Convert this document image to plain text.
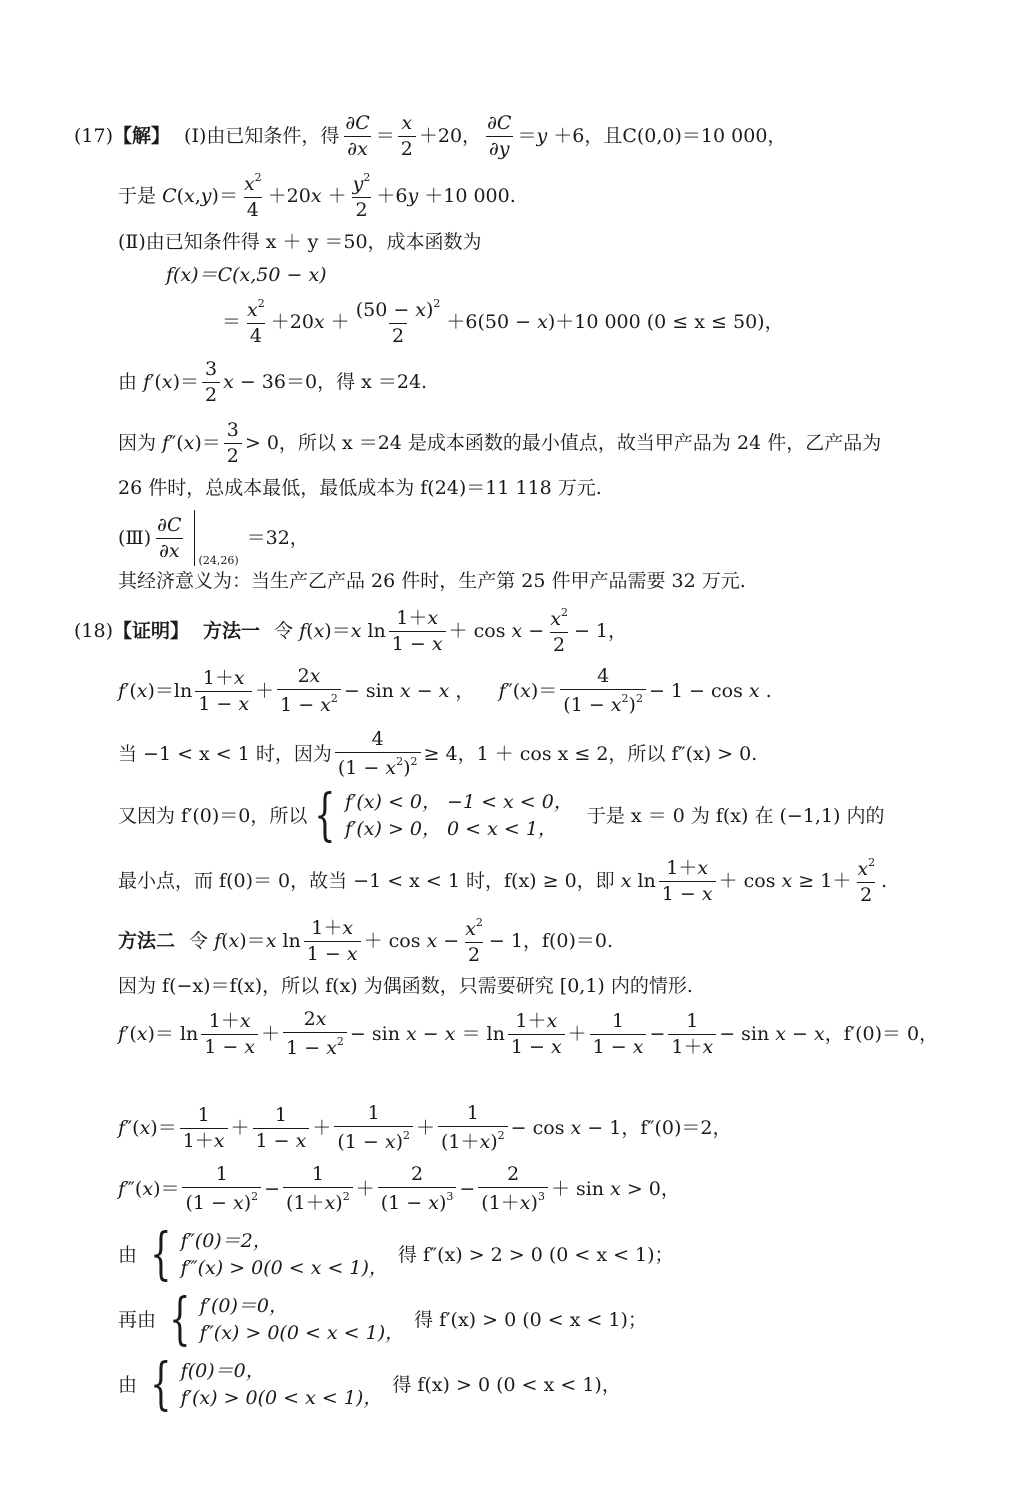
(17) 【解】 (Ⅰ) 由已知条件，得 $\frac{\partial C}{\partial x} = \frac{x}{2} +20$， $\frac{\partial C}{\partial y} =y +6$， 且 C(0,0)＝10 000，
于是 $C(x,y)= \frac{x^2}{4} +20x + \frac{y^2}{2} +6y +10$ 000.
(Ⅱ) 由已知条件得 x ＋ y ＝50，成本函数为
f(x)＝C(x,50 − x)
＝ $\frac{x^2}{4} +20x + \frac{(50 - x)^2}{2} +6(50 - x)+10$ 000 (0 ≤ x ≤ 50)，
由 $f'(x)= \frac{3}{2}$ x − 36＝0 ，得 x ＝24.
因为 $f''(x)= \frac{3}{2} > 0$ ，所以 x ＝24 是成本函数的最小值点，故当甲产品为 24 件，乙产品为
26 件时，总成本最低，最低成本为 f(24)＝11 118 万元.
(Ⅲ) $\frac{\partial C}{\partial x} (24,26)$
＝32，
其经济意义为：当生产乙产品 26 件时，生产第 25 件甲产品需要 32 万元.
(18) 【证明】 方法一 令 f(x)＝x $\ln \frac{1+x}{1 - x} + \cos x - \frac{x^2}{2} - 1$，
$f'(x)=\ln \frac{1+x}{1 - x} + \frac{2x}{1 - x^2} - \sin x - x$ ，    $f''(x)= \frac{4}{(1 - x^2)^2} - 1 - \cos x$ .
当 −1 < x < 1 时，因为 $\frac{4}{(1 - x^2)^2} \ge 4$，1 ＋ cos x ≤ 2，所以 f″(x) > 0.
又因为 f′(0)＝0，所以 { f′(x) < 0， −1 < x < 0，
f′(x) > 0， 0 < x < 1，
于是 x ＝ 0 为 f(x) 在 (−1,1) 内的
最小点，而 f(0)＝ 0，故当 −1 < x < 1 时，f(x) ≥ 0，即 x $\ln \frac{1+x}{1 - x} + \cos x \ge 1+ \frac{x^2}{2}$ .
方法二 令 f(x)＝x $\ln \frac{1+x}{1 - x} + \cos x - \frac{x^2}{2} - 1$ ，f(0)＝0.
因为 f(−x)＝f(x)，所以 f(x) 为偶函数，只需要研究 [0,1) 内的情形.
$f'(x)= \ln \frac{1+x}{1 - x} + \frac{2x}{1 - x^2} - \sin x - x = \ln \frac{1+x}{1 - x} + \frac{1}{1 - x} - \frac{1}{1+x} - \sin x - x$ ，f′(0)＝ 0，
$f''(x)= \frac{1}{1+x} + \frac{1}{1 - x} + \frac{1}{(1 - x)^2} + \frac{1}{(1+x)^2} - \cos x - 1$ ，f″(0)＝2，
f‴(x)＝ $\frac{1}{(1 - x)^2} - \frac{1}{(1+x)^2} + \frac{2}{(1 - x)^3} - \frac{2}{(1+x)^3} + \sin x > 0$，
由 { f″(0)＝2，
f‴(x) > 0(0 < x < 1)，
得 f″(x) > 2 > 0 (0 < x < 1)；
再由 { f′(0)＝0，
f″(x) > 0(0 < x < 1)，
得 f′(x) > 0 (0 < x < 1)；
由 { f(0)＝0，
f′(x) > 0(0 < x < 1)，
得 f(x) > 0 (0 < x < 1)，
